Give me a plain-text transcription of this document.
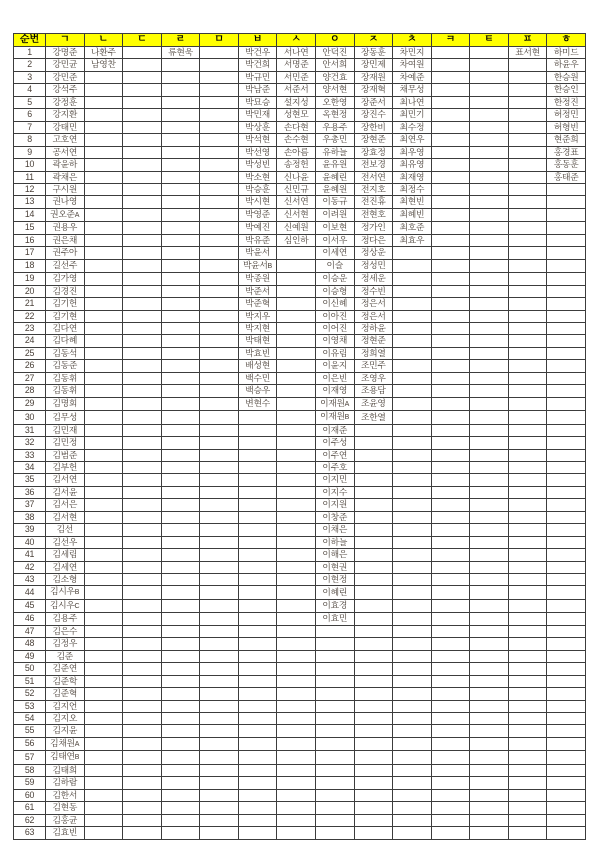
순번	ㄱ	ㄴ	ㄷ	ㄹ	ㅁ	ㅂ	ㅅ	ㅇ	ㅈ	ㅊ	ㅋ	ㅌ	ㅍ	ㅎ
1	강명준	나환주		류현욱		박건우	서나연	안덕진	장동훈	차민지			표서현	하미드
2	강민균	남영찬				박건희	서명준	안서희	장민제	차여원				하윤우
3	강민준					박규민	서민준	양건효	장재원	차예준				한승원
4	강석주					박남준	서준서	양서현	장재혁	채무성				한승인
5	강정훈					박묘승	설지성	오한영	장준서	최나연				한정진
6	강지환					박민재	성현모	옥현정	장진수	최민기				허정민
7	강태민					박상훈	손다현	우용주	장한비	최수정				허형빈
8	고호연					박석현	손수현	우총민	장현준	최연우				현준희
9	공서연					박선영	손아름	유하늘	장효정	최우영				홍경표
10	곽윤하					박성빈	송정헌	윤유원	전보경	최유영				홍동훈
11	곽채은					박소현	신나윤	윤혜린	전서연	최재영				홍태준
12	구시원					박승훈	신민규	윤혜원	전지호	최정수				
13	권나영					박시현	신서연	이동규	전진휴	최현빈				
14	권오준A					박영준	신서현	이려원	전현호	최혜빈				
15	권용우					박예진	신예원	이보현	정가인	최호준				
16	권은채					박유준	심인하	이서우	정다은	최효우				
17	권주아					박윤서		이세연	정상운					
18	길선주					박윤서B		이슬	정성민					
19	김가영					박종원		이승운	정세운					
20	김경진					박준서		이승형	정수빈					
21	김기헌					박준혁		이신혜	정은서					
22	김기현					박지우		이아진	정은서					
23	김다연					박지현		이어진	정하윤					
24	김다혜					박태현		이영채	정현준					
25	김동석					박효빈		이유림	정희열					
26	김동준					배성현		이윤지	조민주					
27	김동휘					백수민		이은빈	조영우					
28	김동휘					백승우		이재영	조용담					
29	김명회					변현수		이재원A	조윤영					
30	김무성							이재원B	조한열					
31	김민재							이재준						
32	김민정							이주성						
33	김범준							이주연						
34	김부헌							이주호						
35	김서연							이지민						
36	김서윤							이지수						
37	김서은							이지원						
38	김서현							이창준						
39	김선							이채은						
40	김선우							이하늘						
41	김세림							이해은						
42	김세연							이현권						
43	김소형							이현정						
44	김시우B							이혜린						
45	김시우C							이효경						
46	김용주							이효민						
47	김은수													
48	김정우													
49	김준													
50	김준연													
51	김준학													
52	김준혁													
53	김지언													
54	김지오													
55	김지윤													
56	김채원A													
57	김태연B													
58	김태희													
59	김하람													
60	김한서													
61	김현동													
62	김홍균													
63	김효빈													
